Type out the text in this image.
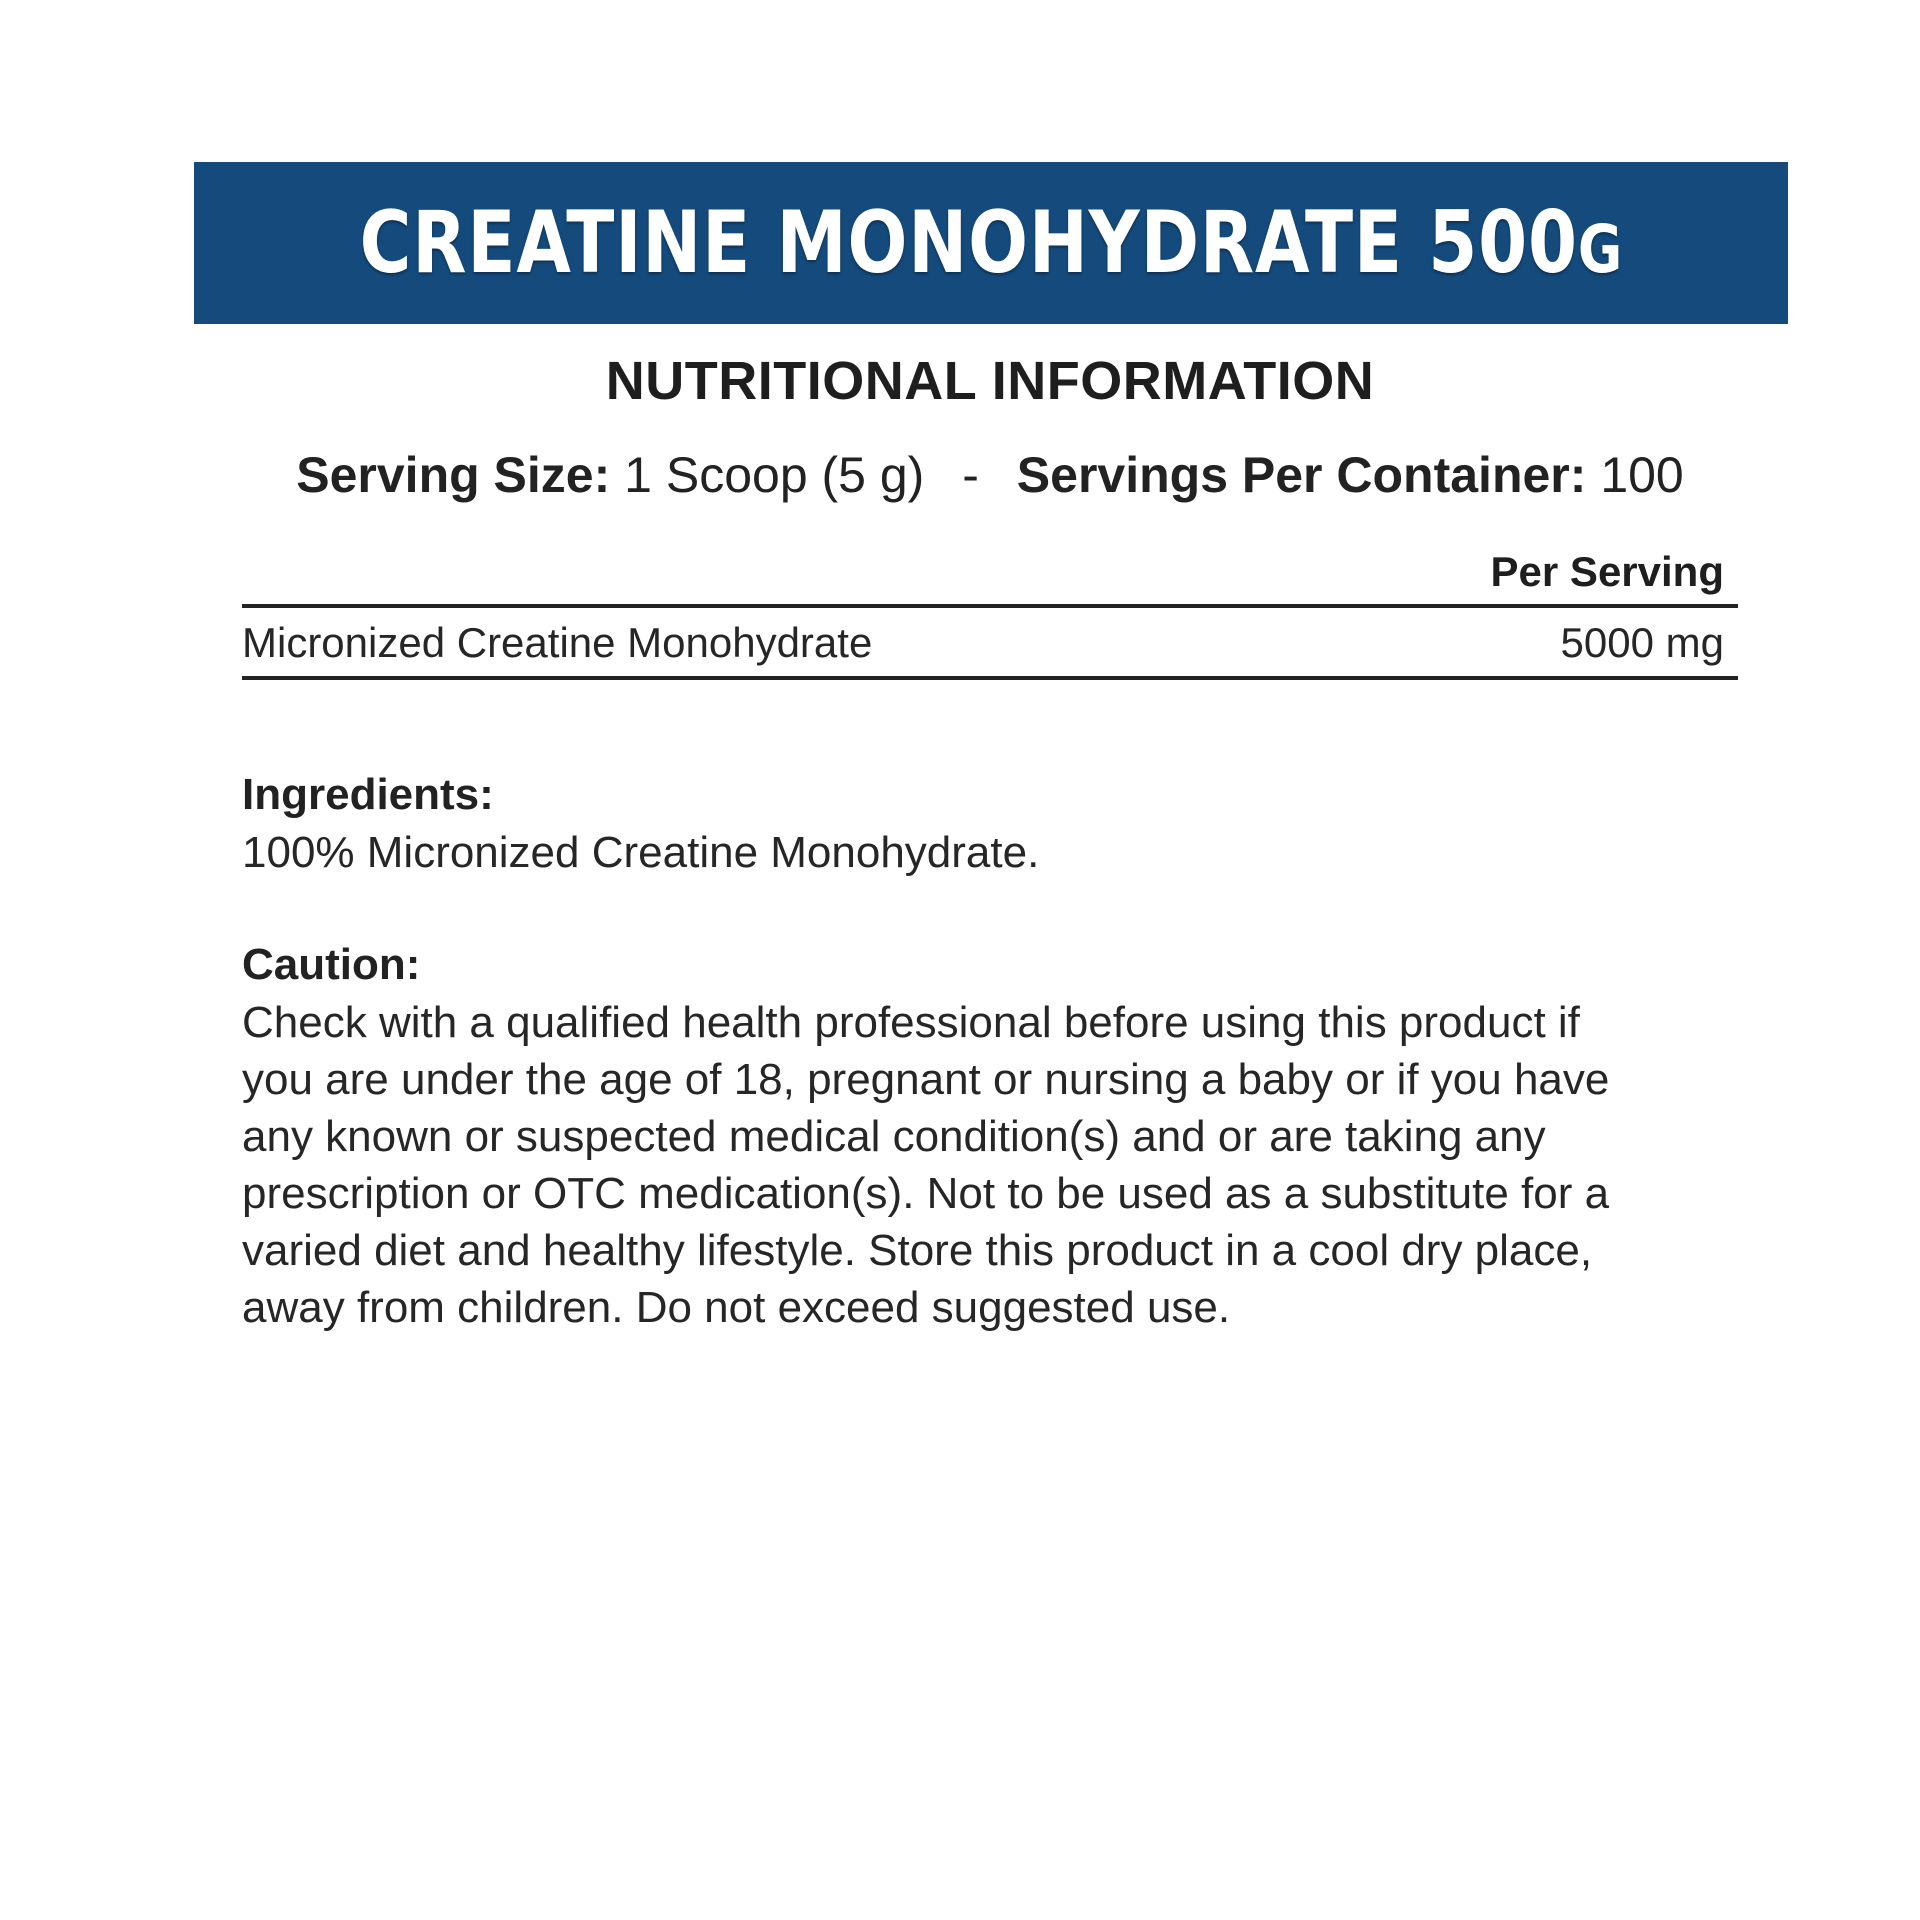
CREATINE MONOHYDRATE 500G
NUTRITIONAL INFORMATION
Serving Size: 1 Scoop (5 g) - Servings Per Container: 100
Per Serving
Micronized Creatine Monohydrate	5000 mg
Ingredients:
100% Micronized Creatine Monohydrate.
Caution:
Check with a qualified health professional before using this product if
you are under the age of 18, pregnant or nursing a baby or if you have
any known or suspected medical condition(s) and or are taking any
prescription or OTC medication(s). Not to be used as a substitute for a
varied diet and healthy lifestyle. Store this product in a cool dry place,
away from children. Do not exceed suggested use.
